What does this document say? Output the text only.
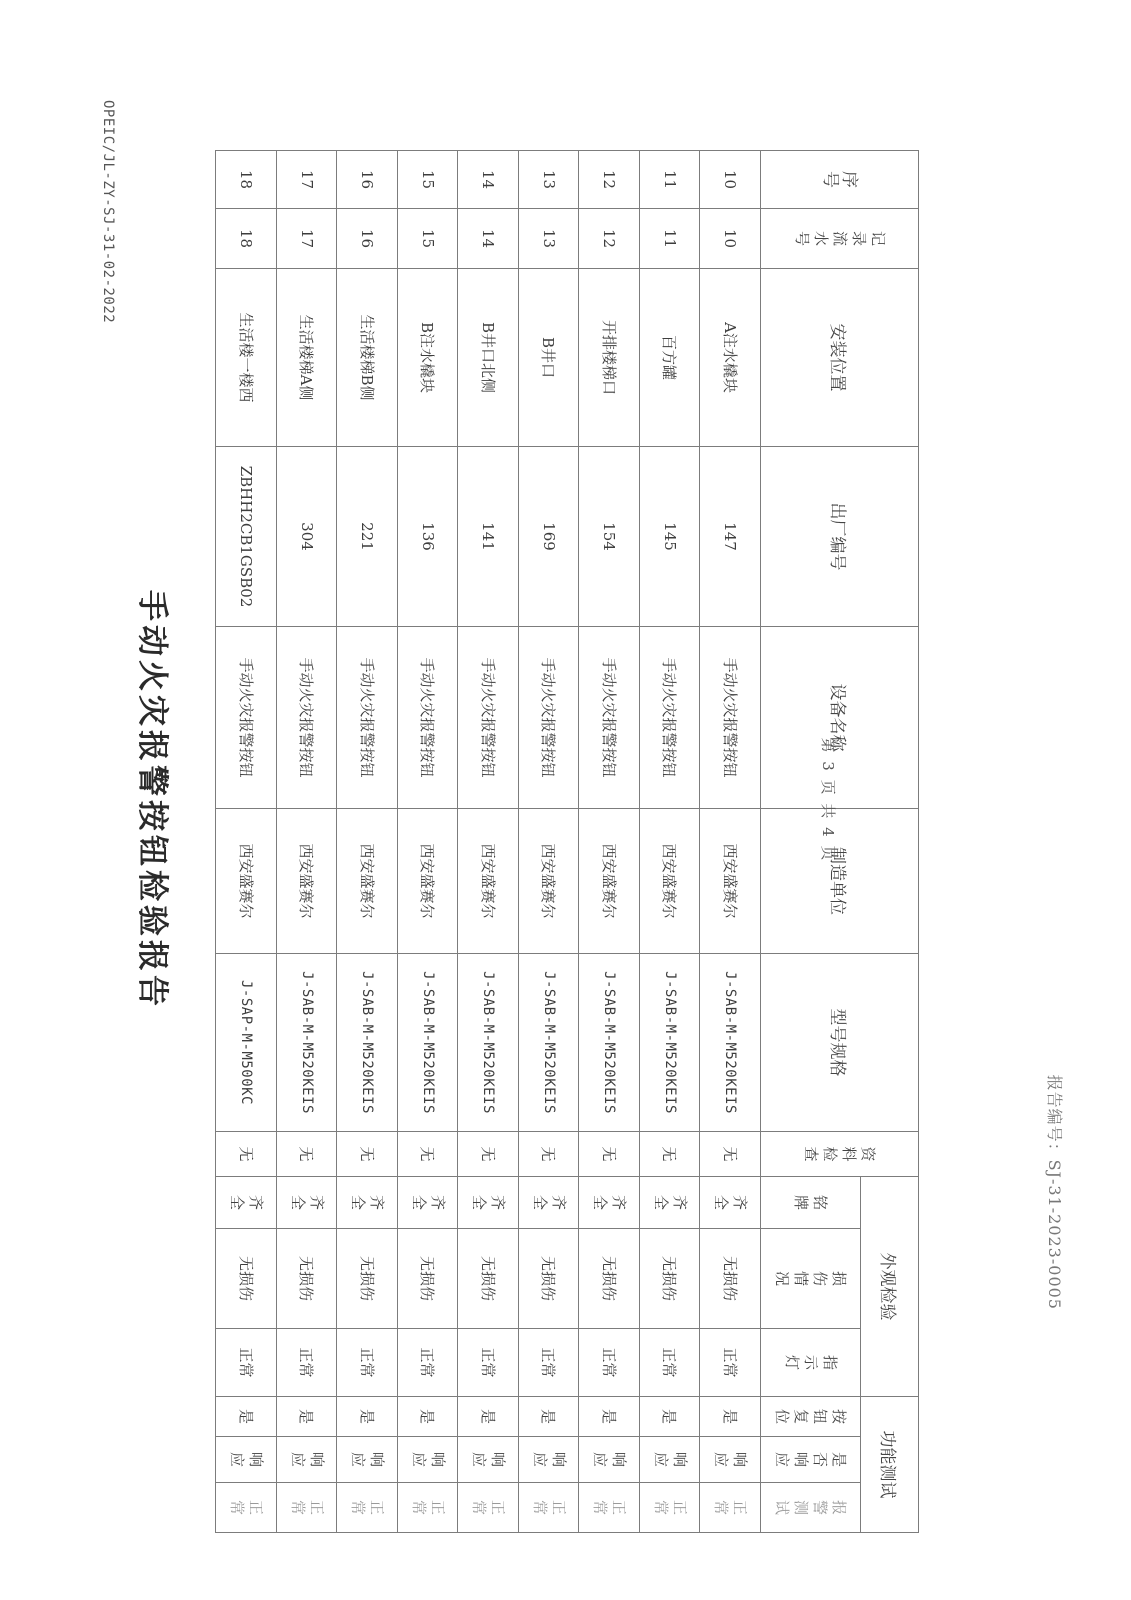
OPEIC/JL-ZY-SJ-31-02-2022
手动火灾报警按钮检验报告
报告编号：SJ-31-2023-0005
序号	记录流水号	安装位置	出厂编号	设备名称	制造单位	型号规格	资料检查	外观检验			功能测试		
								铭牌	损伤情况	指示灯	按钮复位	是否响应	报警测试
10	10	A注水橇块	147	手动火灾报警按钮	西安盛赛尔	J-SAB-M-M520KEIS	无	齐全	无损伤	正常	是	响应	正常
11	11	百方罐	145	手动火灾报警按钮	西安盛赛尔	J-SAB-M-M520KEIS	无	齐全	无损伤	正常	是	响应	正常
12	12	开排楼梯口	154	手动火灾报警按钮	西安盛赛尔	J-SAB-M-M520KEIS	无	齐全	无损伤	正常	是	响应	正常
13	13	B井口	169	手动火灾报警按钮	西安盛赛尔	J-SAB-M-M520KEIS	无	齐全	无损伤	正常	是	响应	正常
14	14	B井口北侧	141	手动火灾报警按钮	西安盛赛尔	J-SAB-M-M520KEIS	无	齐全	无损伤	正常	是	响应	正常
15	15	B注水橇块	136	手动火灾报警按钮	西安盛赛尔	J-SAB-M-M520KEIS	无	齐全	无损伤	正常	是	响应	正常
16	16	生活楼梯B侧	221	手动火灾报警按钮	西安盛赛尔	J-SAB-M-M520KEIS	无	齐全	无损伤	正常	是	响应	正常
17	17	生活楼梯A侧	304	手动火灾报警按钮	西安盛赛尔	J-SAB-M-M520KEIS	无	齐全	无损伤	正常	是	响应	正常
18	18	生活楼一楼西	ZBHH2CB1GSB02	手动火灾报警按钮	西安盛赛尔	J-SAP-M-M500KC	无	齐全	无损伤	正常	是	响应	正常
第 3 页 共 4 页
